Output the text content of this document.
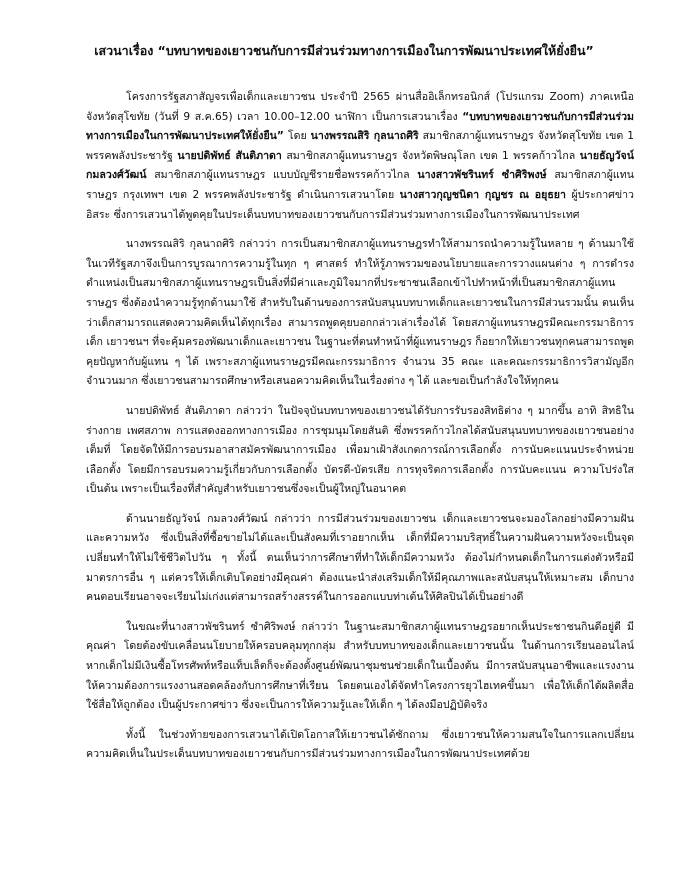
เสวนาเรื่อง “บทบาทของเยาวชนกับการมีส่วนร่วมทางการเมืองในการพัฒนาประเทศให้ยั่งยืน”

โครงการรัฐสภาสัญจรเพื่อเด็กและเยาวชน ประจำปี 2565 ผ่านสื่ออิเล็กทรอนิกส์ (โปรแกรม Zoom) ภาคเหนือ จังหวัดสุโขทัย (วันที่ 9 ส.ค.65) เวลา 10.00–12.00 นาฬิกา เป็นการเสวนาเรื่อง “บทบาทของเยาวชนกับการมีส่วนร่วมทางการเมืองในการพัฒนาประเทศให้ยั่งยืน” โดย นางพรรณสิริ กุลนาถศิริ สมาชิกสภาผู้แทนราษฎร จังหวัดสุโขทัย เขต 1 พรรคพลังประชารัฐ นายปดิพัทธ์ สันติภาดา สมาชิกสภาผู้แทนราษฎร จังหวัดพิษณุโลก เขต 1 พรรคก้าวไกล นายธัญวัจน์ กมลวงศ์วัฒน์ สมาชิกสภาผู้แทนราษฎร แบบบัญชีรายชื่อพรรคก้าวไกล นางสาวพัชรินทร์ ซำศิริพงษ์ สมาชิกสภาผู้แทนราษฎร กรุงเทพฯ เขต 2 พรรคพลังประชารัฐ ดำเนินการเสวนาโดย นางสาวกุญชนิดา กุญชร ณ อยุธยา ผู้ประกาศข่าวอิสระ ซึ่งการเสวนาได้พูดคุยในประเด็นบทบาทของเยาวชนกับการมีส่วนร่วมทางการเมืองในการพัฒนาประเทศ

นางพรรณสิริ กุลนาถศิริ กล่าวว่า การเป็นสมาชิกสภาผู้แทนราษฎรทำให้สามารถนำความรู้ในหลาย ๆ ด้านมาใช้ในเวทีรัฐสภาจึงเป็นการบูรณาการความรู้ในทุก ๆ ศาสตร์ ทำให้รู้ภาพรวมของนโยบายและการวางแผนต่าง ๆ การดำรงตำแหน่งเป็นสมาชิกสภาผู้แทนราษฎรเป็นสิ่งที่มีค่าและภูมิใจมากที่ประชาชนเลือกเข้าไปทำหน้าที่เป็นสมาชิกสภาผู้แทนราษฎร ซึ่งต้องนำความรู้ทุกด้านมาใช้ สำหรับในด้านของการสนับสนุนบทบาทเด็กและเยาวชนในการมีส่วนรวมนั้น ตนเห็นว่าเด็กสามารถแสดงความคิดเห็นได้ทุกเรื่อง สามารถพูดคุยบอกกล่าวเล่าเรื่องได้ โดยสภาผู้แทนราษฎรมีคณะกรรมาธิการเด็ก เยาวชนฯ ที่จะคุ้มครองพัฒนาเด็กและเยาวชน ในฐานะที่ตนทำหน้าที่ผู้แทนราษฎร ก็อยากให้เยาวชนทุกคนสามารถพูดคุยปัญหากับผู้แทน ๆ ได้ เพราะสภาผู้แทนราษฎรมีคณะกรรมาธิการ จำนวน 35 คณะ และคณะกรรมาธิการวิสามัญอีกจำนวนมาก ซึ่งเยาวชนสามารถศึกษาหรือเสนอความคิดเห็นในเรื่องต่าง ๆ ได้ และขอเป็นกำลังใจให้ทุกคน

นายปดิพัทธ์ สันติภาดา กล่าวว่า ในปัจจุบันบทบาทของเยาวชนได้รับการรับรองสิทธิต่าง ๆ มากขึ้น อาทิ สิทธิในร่างกาย เพศสภาพ การแสดงออกทางการเมือง การชุมนุมโดยสันติ ซึ่งพรรคก้าวไกลได้สนับสนุนบทบาทของเยาวชนอย่างเต็มที่ โดยจัดให้มีการอบรมอาสาสมัครพัฒนาการเมือง เพื่อมาเฝ้าสังเกตการณ์การเลือกตั้ง การนับคะแนนประจำหน่วยเลือกตั้ง โดยมีการอบรมความรู้เกี่ยวกับการเลือกตั้ง บัตรดี-บัตรเสีย การทุจริตการเลือกตั้ง การนับคะแนน ความโปร่งใส เป็นต้น เพราะเป็นเรื่องที่สำคัญสำหรับเยาวชนซึ่งจะเป็นผู้ใหญ่ในอนาคต

ด้านนายธัญวัจน์ กมลวงศ์วัฒน์ กล่าวว่า การมีส่วนร่วมของเยาวชน เด็กและเยาวชนจะมองโลกอย่างมีความฝันและความหวัง ซึ่งเป็นสิ่งที่ซื้อขายไม่ได้และเป็นสังคมที่เราอยากเห็น เด็กที่มีความบริสุทธิ์ในความฝันความหวังจะเป็นจุดเปลี่ยนทำให้ไม่ใช้ชีวิตไปวัน ๆ ทั้งนี้ ตนเห็นว่าการศึกษาที่ทำให้เด็กมีความหวัง ต้องไม่กำหนดเด็กในการแต่งตัวหรือมีมาตรการอื่น ๆ แต่ควรให้เด็กเติบโตอย่างมีคุณค่า ต้องแนะนำส่งเสริมเด็กให้มีคุณภาพและสนับสนุนให้เหมาะสม เด็กบางคนตอบเรียนอาจจะเรียนไม่เก่งแต่สามารถสร้างสรรค์ในการออกแบบท่าเต้นให้ศิลปินได้เป็นอย่างดี

ในขณะที่นางสาวพัชรินทร์ ซำศิริพงษ์ กล่าวว่า ในฐานะสมาชิกสภาผู้แทนราษฎรอยากเห็นประชาชนกินดีอยู่ดี มีคุณค่า โดยต้องขับเคลื่อนนโยบายให้ครอบคลุมทุกกลุ่ม สำหรับบทบาทของเด็กและเยาวชนนั้น ในด้านการเรียนออนไลน์ หากเด็กไม่มีเงินซื้อโทรศัพท์หรือแท็บเล็ตก็จะต้องตั้งศูนย์พัฒนาชุมชนช่วยเด็กในเบื้องต้น มีการสนับสนุนอาชีพและแรงงานให้ความต้องการแรงงานสอดคล้องกับการศึกษาที่เรียน โดยตนเองได้จัดทำโครงการยุวไฮเทคขึ้นมา เพื่อให้เด็กได้ผลิตสื่อ ใช้สื่อให้ถูกต้อง เป็นผู้ประกาศข่าว ซึ่งจะเป็นการให้ความรู้และให้เด็ก ๆ ได้ลงมือปฏิบัติจริง

ทั้งนี้ ในช่วงท้ายของการเสวนาได้เปิดโอกาสให้เยาวชนได้ซักถาม ซึ่งเยาวชนให้ความสนใจในการแลกเปลี่ยนความคิดเห็นในประเด็นบทบาทของเยาวชนกับการมีส่วนร่วมทางการเมืองในการพัฒนาประเทศด้วย
